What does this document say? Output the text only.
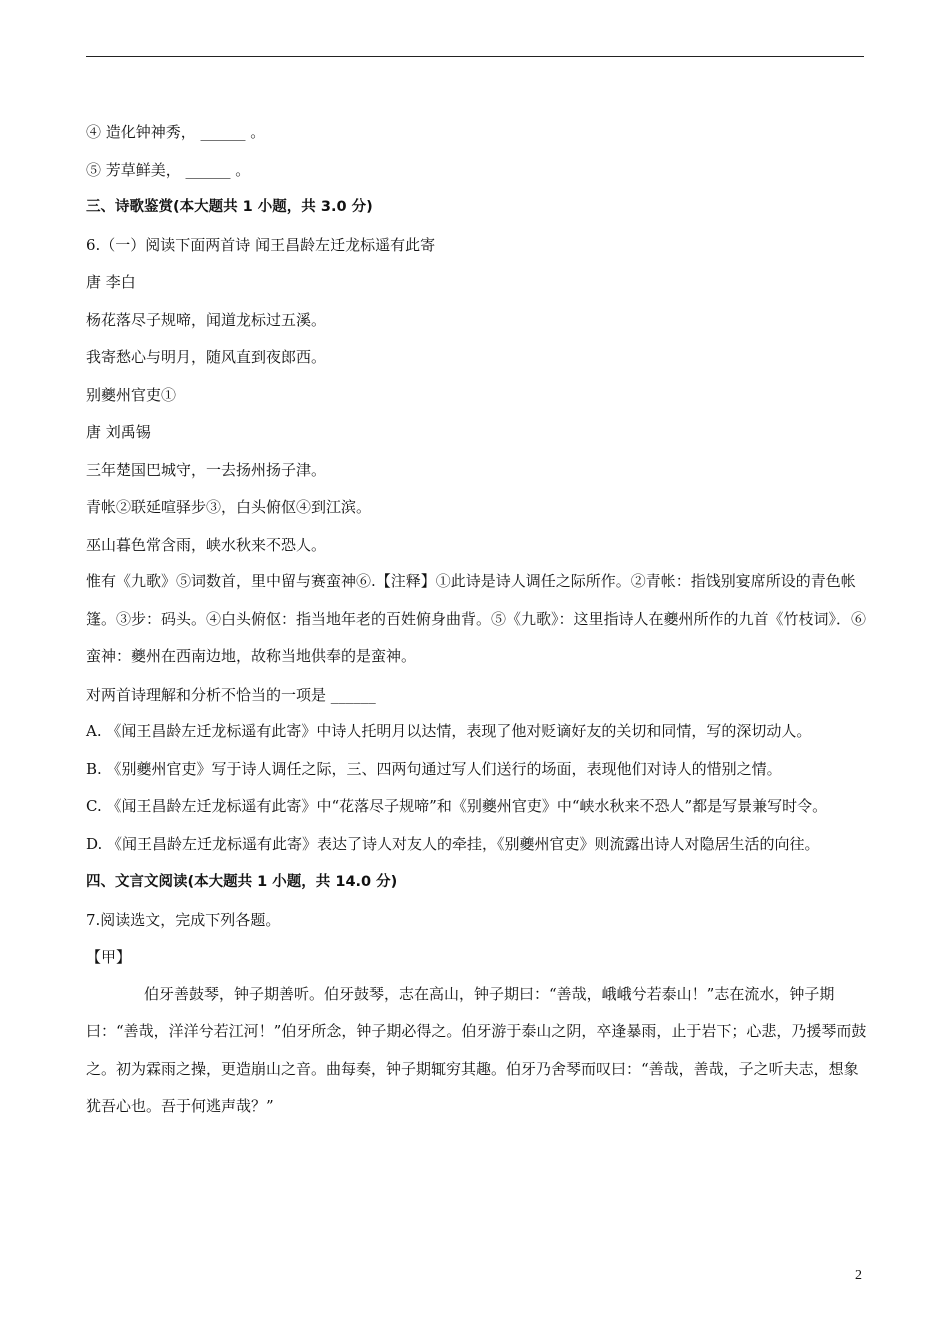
④ 造化钟神秀， ______ 。
⑤ 芳草鲜美， ______ 。
三、诗歌鉴赏(本大题共 1 小题，共 3.0 分)
6.（一）阅读下面两首诗 闻王昌龄左迁龙标遥有此寄
唐 李白
杨花落尽子规啼，闻道龙标过五溪。
我寄愁心与明月，随风直到夜郎西。
别夔州官吏①
唐 刘禹锡
三年楚国巴城守，一去扬州扬子津。
青帐②联延喧驿步③，白头俯伛④到江滨。
巫山暮色常含雨，峡水秋来不恐人。
惟有《九歌》⑤词数首，里中留与赛蛮神⑥.【注释】①此诗是诗人调任之际所作。②青帐：指饯别宴席所设的青色帐篷。③步：码头。④白头俯伛：指当地年老的百姓俯身曲背。⑤《九歌》：这里指诗人在夔州所作的九首《竹枝词》．⑥蛮神：夔州在西南边地，故称当地供奉的是蛮神。
对两首诗理解和分析不恰当的一项是 ______
A. 《闻王昌龄左迁龙标遥有此寄》中诗人托明月以达情，表现了他对贬谪好友的关切和同情，写的深切动人。
B. 《别夔州官吏》写于诗人调任之际，三、四两句通过写人们送行的场面，表现他们对诗人的惜别之情。
C. 《闻王昌龄左迁龙标遥有此寄》中“花落尽子规啼”和《别夔州官吏》中“峡水秋来不恐人”都是写景兼写时令。
D. 《闻王昌龄左迁龙标遥有此寄》表达了诗人对友人的牵挂，《别夔州官吏》则流露出诗人对隐居生活的向往。
四、文言文阅读(本大题共 1 小题，共 14.0 分)
7.阅读选文，完成下列各题。
【甲】
伯牙善鼓琴，钟子期善听。伯牙鼓琴，志在高山，钟子期曰：“善哉，峨峨兮若泰山！”志在流水，钟子期曰：“善哉，洋洋兮若江河！”伯牙所念，钟子期必得之。伯牙游于泰山之阴，卒逢暴雨，止于岩下；心悲，乃援琴而鼓之。初为霖雨之操，更造崩山之音。曲每奏，钟子期辄穷其趣。伯牙乃舍琴而叹曰：“善哉，善哉，子之听夫志，想象犹吾心也。吾于何逃声哉？”
2
